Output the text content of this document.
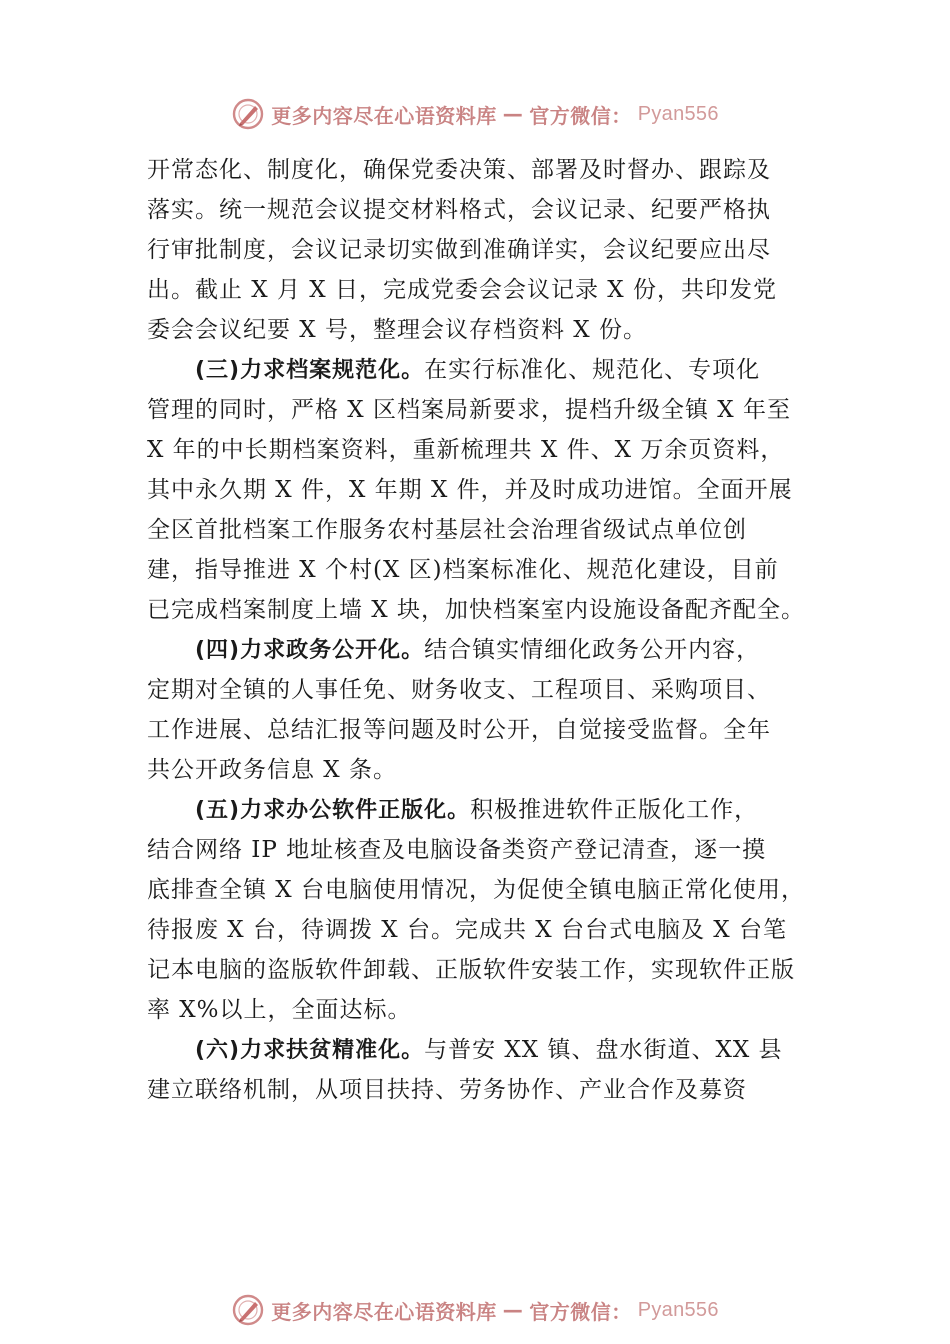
更多内容尽在心语资料库 — 官方微信： Pyan556
开常态化、制度化，确保党委决策、部署及时督办、跟踪及
落实。统一规范会议提交材料格式，会议记录、纪要严格执
行审批制度，会议记录切实做到准确详实，会议纪要应出尽
出。截止 X 月 X 日，完成党委会会议记录 X 份，共印发党
委会会议纪要 X 号，整理会议存档资料 X 份。
(三)力求档案规范化。在实行标准化、规范化、专项化
管理的同时，严格 X 区档案局新要求，提档升级全镇 X 年至
X 年的中长期档案资料，重新梳理共 X 件、X 万余页资料，
其中永久期 X 件，X 年期 X 件，并及时成功进馆。全面开展
全区首批档案工作服务农村基层社会治理省级试点单位创
建，指导推进 X 个村(X 区)档案标准化、规范化建设，目前
已完成档案制度上墙 X 块，加快档案室内设施设备配齐配全。
(四)力求政务公开化。结合镇实情细化政务公开内容，
定期对全镇的人事任免、财务收支、工程项目、采购项目、
工作进展、总结汇报等问题及时公开，自觉接受监督。全年
共公开政务信息 X 条。
(五)力求办公软件正版化。积极推进软件正版化工作，
结合网络 IP 地址核查及电脑设备类资产登记清查，逐一摸
底排查全镇 X 台电脑使用情况，为促使全镇电脑正常化使用，
待报废 X 台，待调拨 X 台。完成共 X 台台式电脑及 X 台笔
记本电脑的盗版软件卸载、正版软件安装工作，实现软件正版
率 X%以上，全面达标。
(六)力求扶贫精准化。与普安 XX 镇、盘水街道、XX 县
建立联络机制，从项目扶持、劳务协作、产业合作及募资
更多内容尽在心语资料库 — 官方微信： Pyan556
